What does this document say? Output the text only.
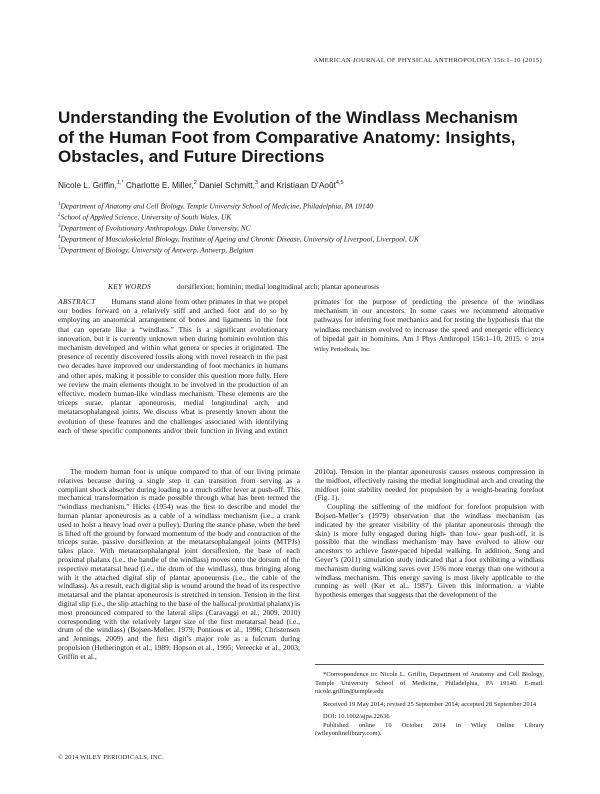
AMERICAN JOURNAL OF PHYSICAL ANTHROPOLOGY 156:1–10 (2015)
Understanding the Evolution of the Windlass Mechanism of the Human Foot from Comparative Anatomy: Insights, Obstacles, and Future Directions
Nicole L. Griffin,$^{1,*}$ Charlotte E. Miller,$^2$ Daniel Schmitt,$^3$ and Kristiaan D’Août$^{4,5}$
$^1$Department of Anatomy and Cell Biology, Temple University School of Medicine, Philadelphia, PA 19140
$^2$School of Applied Science, University of South Wales, UK
$^3$Department of Evolutionary Anthropology, Duke University, NC
$^4$Department of Musculoskeletal Biology, Institute of Ageing and Chronic Disease, University of Liverpool, Liverpool, UK
$^5$Department of Biology, University of Antwerp, Antwerp, Belgium
KEY WORDS	dorsiflexion; hominin; medial longitudinal arch; plantar aponeurosis
ABSTRACT Humans stand alone from other primates in that we propel our bodies forward on a relatively stiff and arched foot and do so by employing an anatomical arrangement of bones and ligaments in the foot that can operate like a “windlass.” This is a significant evolutionary innovation, but it is currently unknown when during hominin evolution this mechanism developed and within what genera or species it originated. The presence of recently discovered fossils along with novel research in the past two decades have improved our understanding of foot mechanics in humans and other apes, making it possible to consider this question more fully. Here we review the main elements thought to be involved in the production of an effective, modern human-like windlass mechanism. These elements are the triceps surae, plantar aponeurosis, medial longitudinal arch, and metatarsophalangeal joints. We discuss what is presently known about the evolution of these features and the challenges associated with identifying each of these specific components and/or their function in living and extinct primates for the purpose of predicting the presence of the windlass mechanism in our ancestors. In some cases we recommend alternative pathways for inferring foot mechanics and for testing the hypothesis that the windlass mechanism evolved to increase the speed and energetic efficiency of bipedal gait in hominins. Am J Phys Anthropol 156:1–10, 2015. © 2014 Wiley Periodicals, Inc.

The modern human foot is unique compared to that of our living primate relatives because during a single step it can transition from serving as a compliant shock absorber during loading to a much stiffer lever at push-off. This mechanical transformation is made possible through what has been termed the “windlass mechanism.” Hicks (1954) was the first to describe and model the human plantar aponeurosis as a cable of a windlass mechanism (i.e., a crank used to hoist a heavy load over a pulley). During the stance phase, when the heel is lifted off the ground by forward momentum of the body and contraction of the triceps surae, passive dorsiflexion at the metatarsophalangeal joints (MTPJs) takes place. With metatarsophalangeal joint dorsiflexion, the base of each proximal phalanx (i.e., the handle of the windlass) moves onto the dorsum of the respective metatarsal head (i.e., the drum of the windlass), thus bringing along with it the attached digital slip of plantar aponeurosis (i.e., the cable of the windlass). As a result, each digital slip is wound around the head of its respective metatarsal and the plantar aponeurosis is stretched in tension. Tension in the first digital slip (i.e., the slip attaching to the base of the hallucal proximal phalanx) is most pronounced compared to the lateral slips (Caravaggi et al., 2009, 2010) corresponding with the relatively larger size of the first metatarsal head (i.e., drum of the windlass) (Bojsen-Møller, 1979; Pontious et al., 1996; Christensen and Jennings, 2009) and the first digit’s major role as a fulcrum during propulsion (Hetherington et al., 1989; Hopson et al., 1995; Vereecke et al., 2003; Griffin et al.,

2010a). Tension in the plantar aponeurosis causes osseous compression in the midfoot, effectively raising the medial longitudinal arch and creating the midfoot joint stability needed for propulsion by a weight-bearing forefoot (Fig. 1).

Coupling the stiffening of the midfoot for forefoot propulsion with Bojsen-Møller’s (1979) observation that the windlass mechanism (as indicated by the greater visibility of the plantar aponeurosis through the skin) is more fully engaged during high- than low- gear push-off, it is possible that the windlass mechanism may have evolved to allow our ancestors to achieve faster-paced bipedal walking. In addition, Song and Geyer’s (2011) simulation study indicated that a foot exhibiting a windlass mechanism during walking saves over 15% more energy than one without a windlass mechanism. This energy saving is most likely applicable to the running as well (Ker et al., 1987). Given this information, a viable hypothesis emerges that suggests that the development of the

*Correspondence to: Nicole L. Griffin, Department of Anatomy and Cell Biology, Temple University School of Medicine, Philadelphia, PA 19140. E-mail: nicole.griffin@temple.edu

Received 19 May 2014; revised 25 September 2014; accepted 28 September 2014

DOI: 10.1002/ajpa.22636

Published online 10 October 2014 in Wiley Online Library (wileyonlinelibrary.com).

© 2014 WILEY PERIODICALS, INC.
